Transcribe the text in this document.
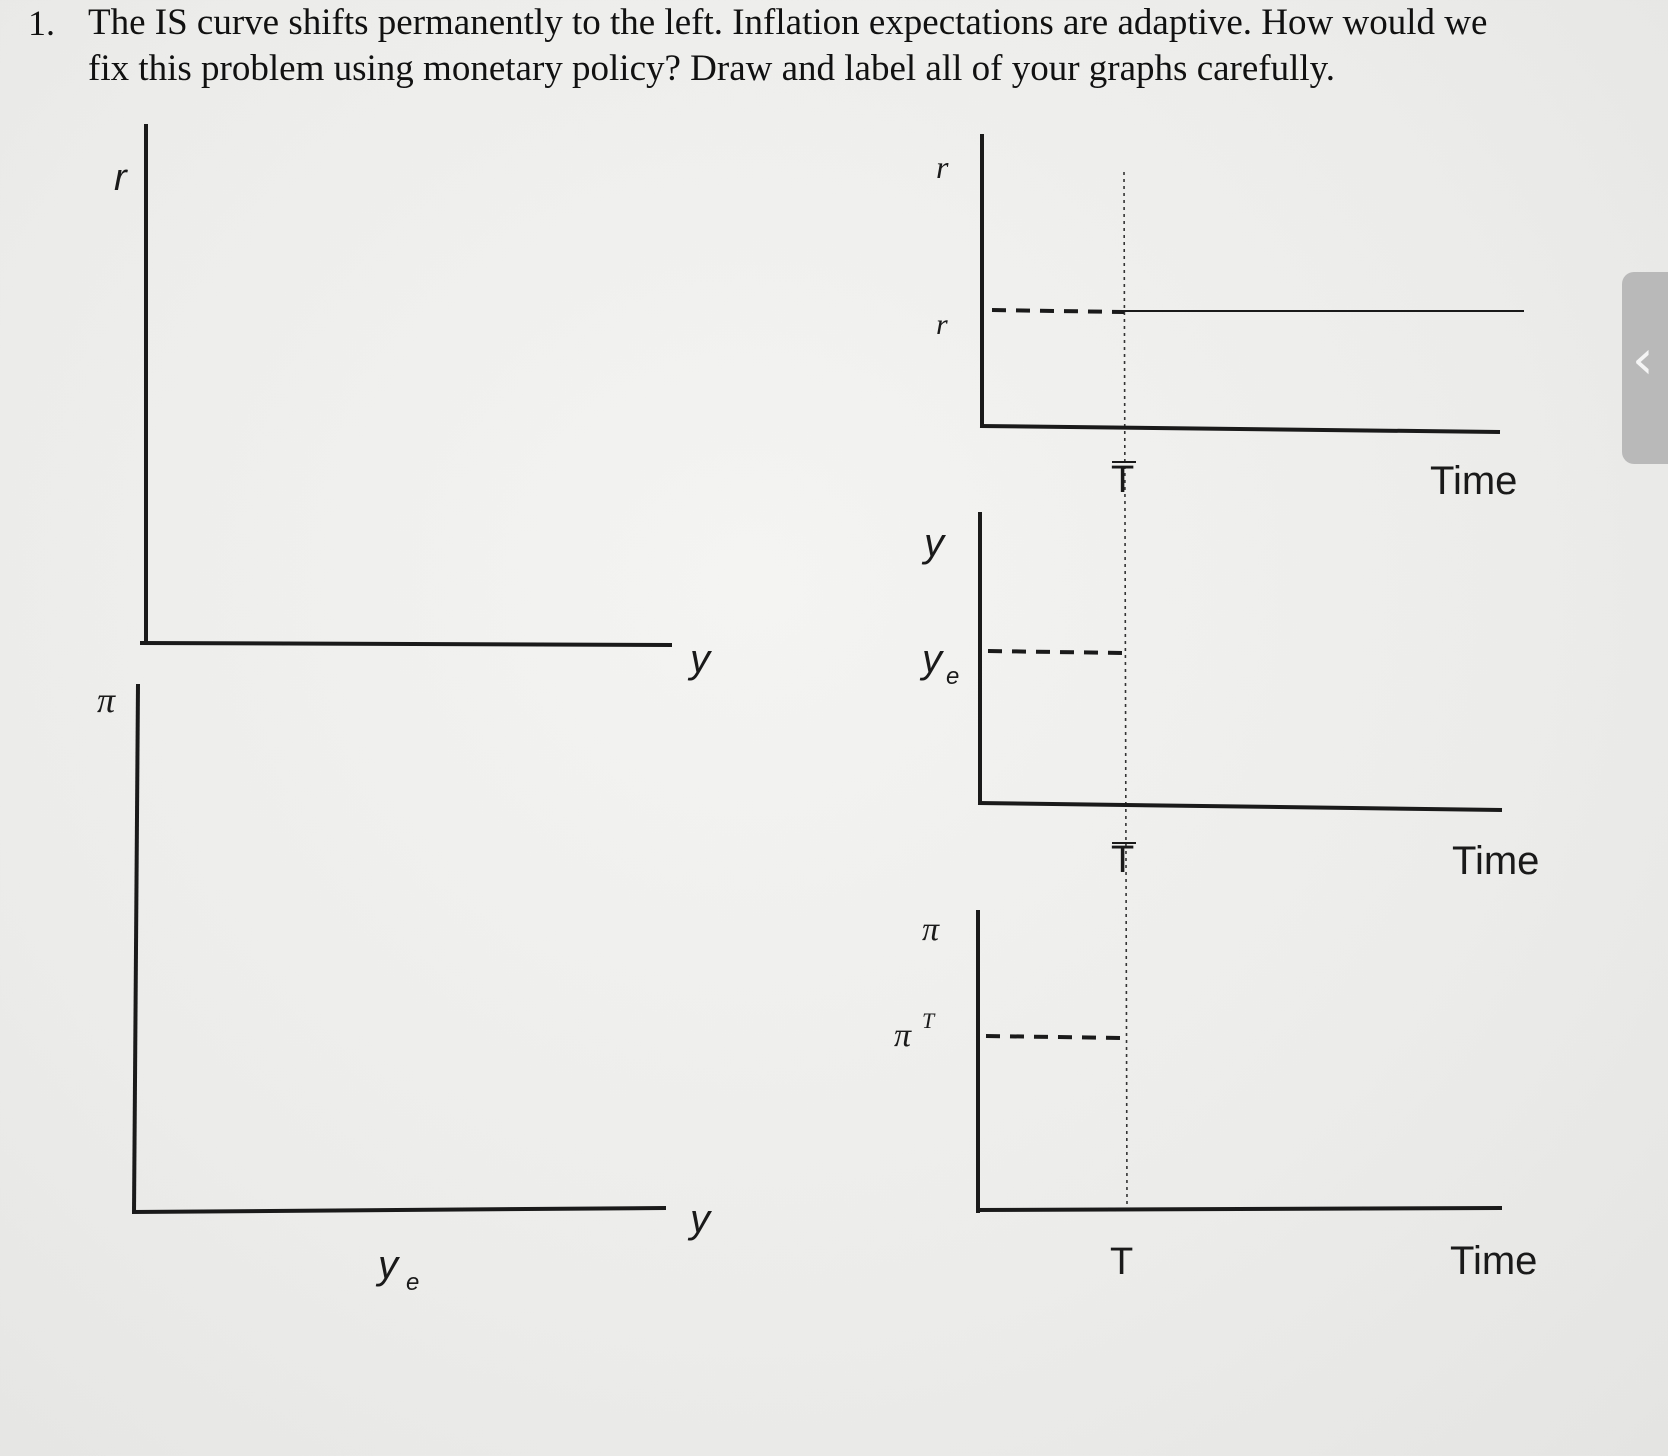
1. The IS curve shifts permanently to the left. Inflation expectations are adaptive. How would we
fix this problem using monetary policy? Draw and label all of your graphs carefully.
r
y
π
y
y e
r
r
T	Time
y
y e
T	Time
π
π T
T	Time
‹
